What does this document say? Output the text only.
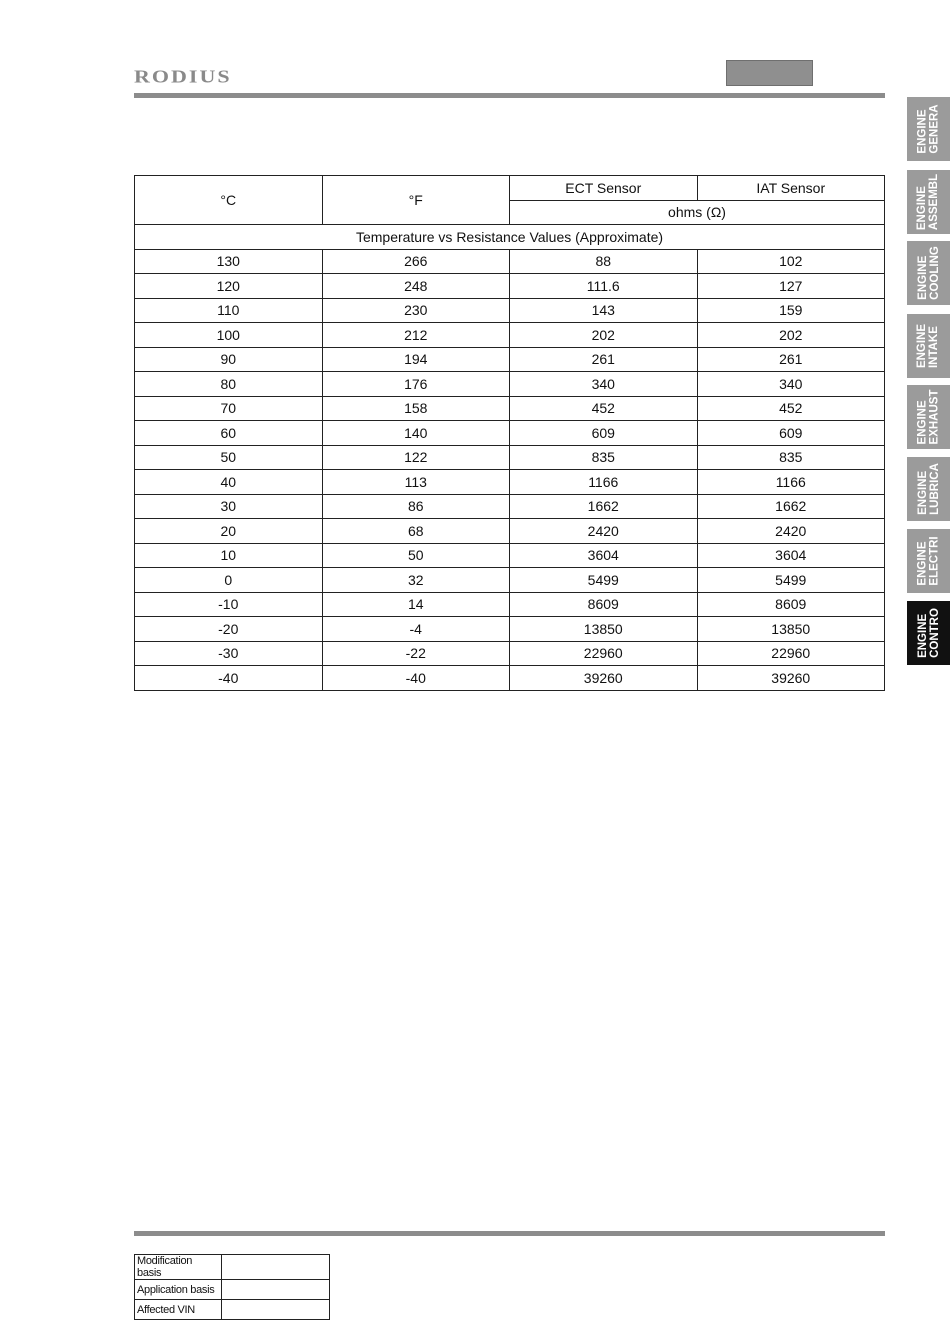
RODIUS
°C	°F	ECT Sensor	IAT Sensor
		ohms (Ω)	
Temperature vs Resistance Values (Approximate)			
130	266	88	102
120	248	111.6	127
110	230	143	159
100	212	202	202
90	194	261	261
80	176	340	340
70	158	452	452
60	140	609	609
50	122	835	835
40	113	1166	1166
30	86	1662	1662
20	68	2420	2420
10	50	3604	3604
0	32	5499	5499
-10	14	8609	8609
-20	-4	13850	13850
-30	-22	22960	22960
-40	-40	39260	39260
ENGINE GENERA
ENGINE ASSEMBL
ENGINE COOLING
ENGINE INTAKE
ENGINE EXHAUST
ENGINE LUBRICA
ENGINE ELECTRI
ENGINE CONTRO
Modification basis	
Application basis	
Affected VIN	
